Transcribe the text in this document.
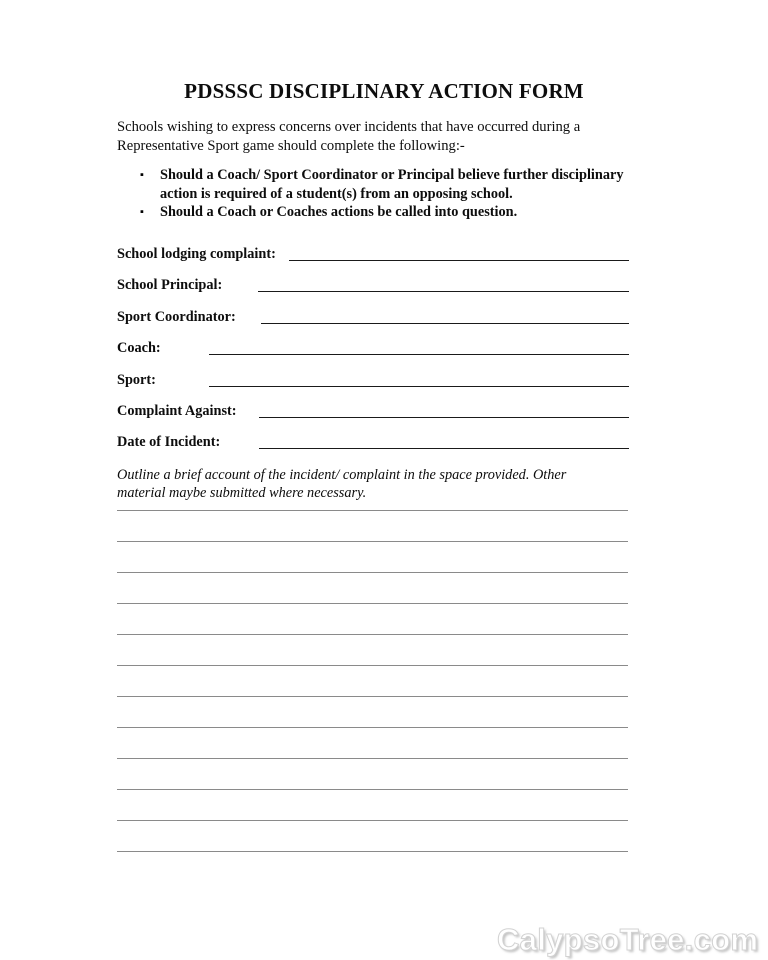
PDSSSC DISCIPLINARY ACTION FORM
Schools wishing to express concerns over incidents that have occurred during a Representative Sport game should complete the following:-
▪	Should a Coach/ Sport Coordinator or Principal believe further disciplinary action is required of a student(s) from an opposing school.
▪	Should a Coach or Coaches actions be called into question.
School lodging complaint:
School Principal:
Sport Coordinator:
Coach:
Sport:
Complaint Against:
Date of Incident:
Outline a brief account of the incident/ complaint in the space provided. Other material maybe submitted where necessary.
CalypsoTree.com
